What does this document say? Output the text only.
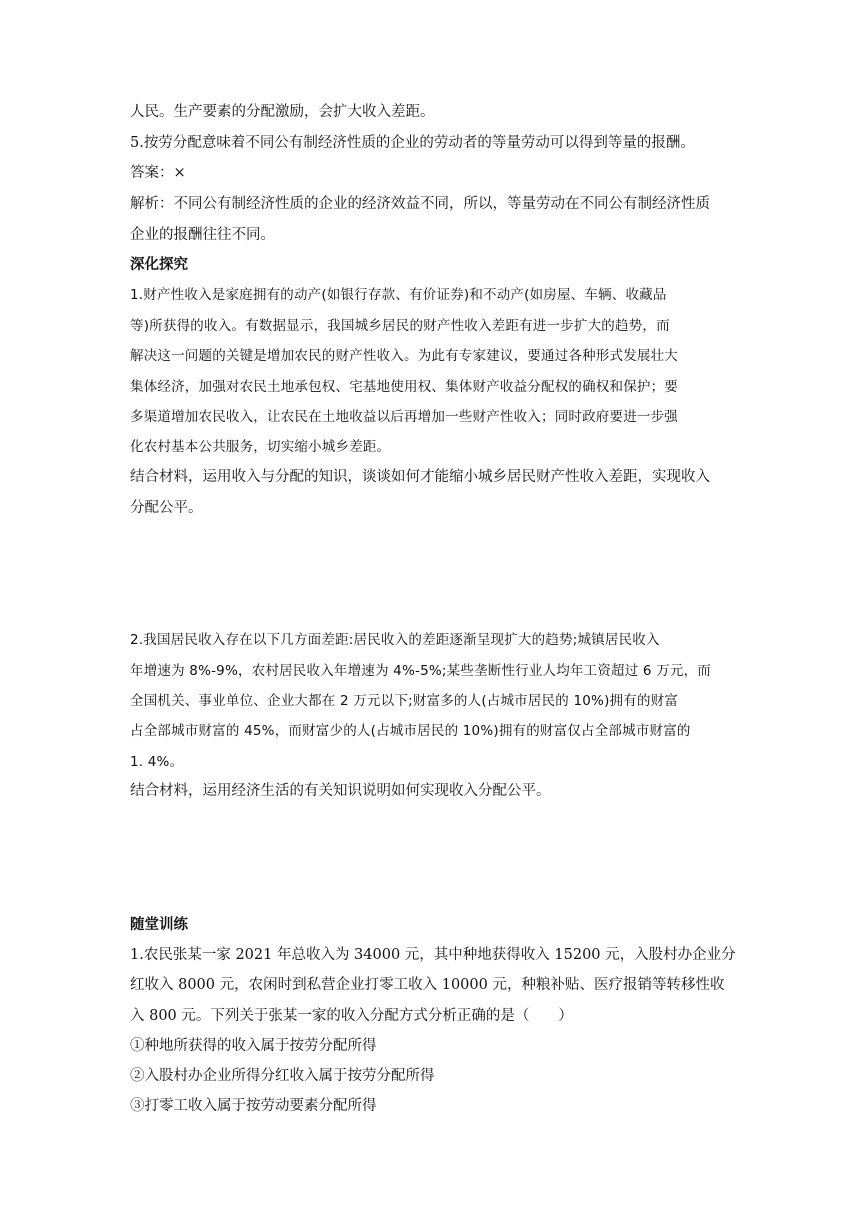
人民。生产要素的分配激励，会扩大收入差距。
5.按劳分配意味着不同公有制经济性质的企业的劳动者的等量劳动可以得到等量的报酬。
答案：×
解析：不同公有制经济性质的企业的经济效益不同，所以，等量劳动在不同公有制经济性质
企业的报酬往往不同。
深化探究
1.财产性收入是家庭拥有的动产(如银行存款、有价证券)和不动产(如房屋、车辆、收藏品
等)所获得的收入。有数据显示，我国城乡居民的财产性收入差距有进一步扩大的趋势，而
解决这一问题的关键是增加农民的财产性收入。为此有专家建议，要通过各种形式发展壮大
集体经济，加强对农民土地承包权、宅基地使用权、集体财产收益分配权的确权和保护；要
多渠道增加农民收入，让农民在土地收益以后再增加一些财产性收入；同时政府要进一步强
化农村基本公共服务，切实缩小城乡差距。
结合材料，运用收入与分配的知识，谈谈如何才能缩小城乡居民财产性收入差距，实现收入
分配公平。
2.我国居民收入存在以下几方面差距:居民收入的差距逐渐呈现扩大的趋势;城镇居民收入
年增速为 8%-9%，农村居民收入年增速为 4%-5%;某些垄断性行业人均年工资超过 6 万元，而
全国机关、事业单位、企业大都在 2 万元以下;财富多的人(占城市居民的 10%)拥有的财富
占全部城市财富的 45%，而财富少的人(占城市居民的 10%)拥有的财富仅占全部城市财富的
1. 4%。
结合材料，运用经济生活的有关知识说明如何实现收入分配公平。
随堂训练
1.农民张某一家 2021 年总收入为 34000 元，其中种地获得收入 15200 元，入股村办企业分
红收入 8000 元，农闲时到私营企业打零工收入 10000 元，种粮补贴、医疗报销等转移性收
入 800 元。下列关于张某一家的收入分配方式分析正确的是（　　）
①种地所获得的收入属于按劳分配所得
②入股村办企业所得分红收入属于按劳分配所得
③打零工收入属于按劳动要素分配所得
